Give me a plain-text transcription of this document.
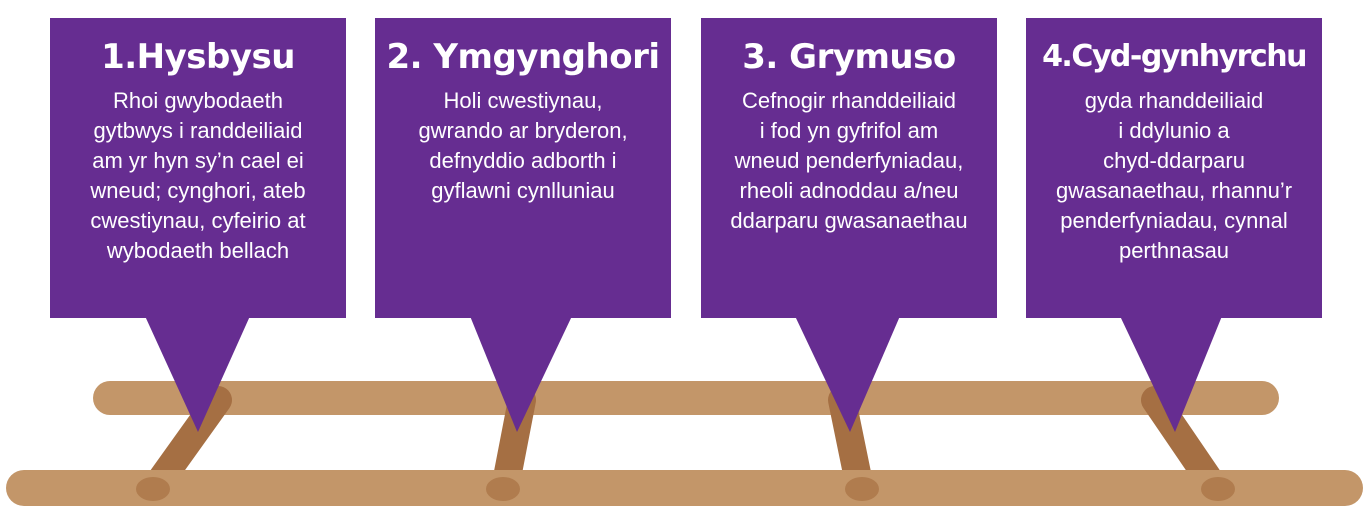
1.Hysbysu
Rhoi gwybodaeth
gytbwys i randdeiliaid
am yr hyn sy’n cael ei
wneud; cynghori, ateb
cwestiynau, cyfeirio at
wybodaeth bellach
2. Ymgynghori
Holi cwestiynau,
gwrando ar bryderon,
defnyddio adborth i
gyflawni cynlluniau
3. Grymuso
Cefnogir rhanddeiliaid
i fod yn gyfrifol am
wneud penderfyniadau,
rheoli adnoddau a/neu
ddarparu gwasanaethau
4.Cyd-gynhyrchu
gyda rhanddeiliaid
i ddylunio a
chyd-ddarparu
gwasanaethau, rhannu’r
penderfyniadau, cynnal
perthnasau
